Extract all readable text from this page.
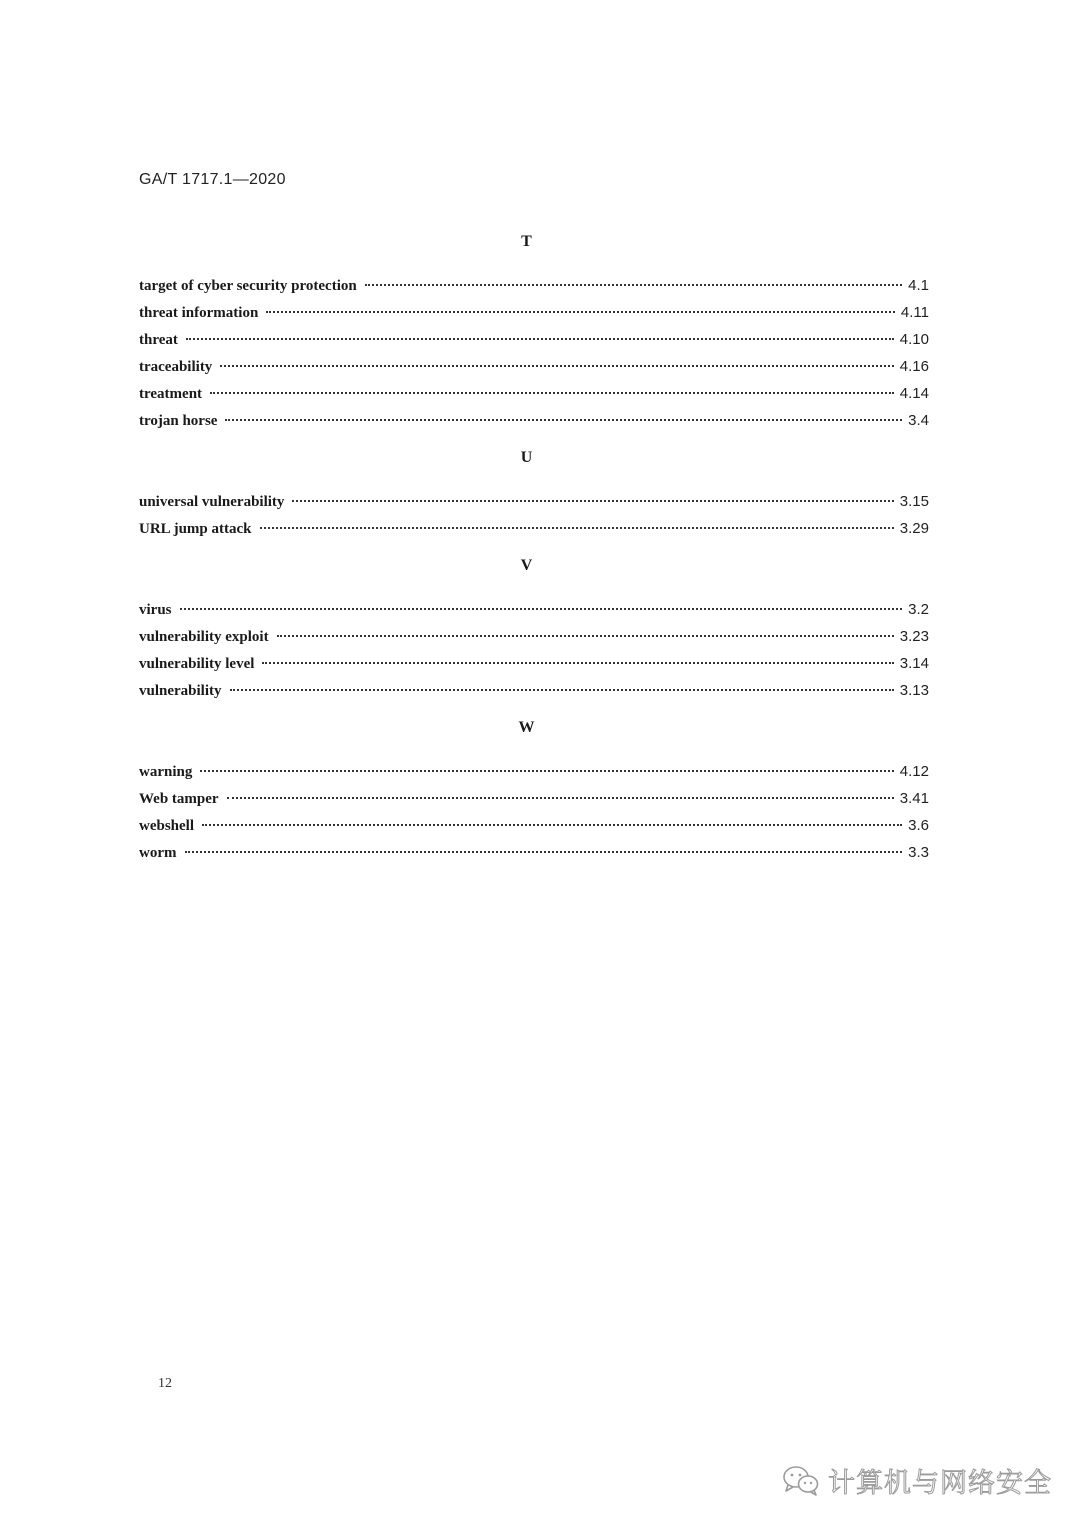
GA/T 1717.1—2020
T
target of cyber security protection	4.1
threat information	4.11
threat	4.10
traceability	4.16
treatment	4.14
trojan horse	3.4
U
universal vulnerability	3.15
URL jump attack	3.29
V
virus	3.2
vulnerability exploit	3.23
vulnerability level	3.14
vulnerability	3.13
W
warning	4.12
Web tamper	3.41
webshell	3.6
worm	3.3
12
计算机与网络安全
